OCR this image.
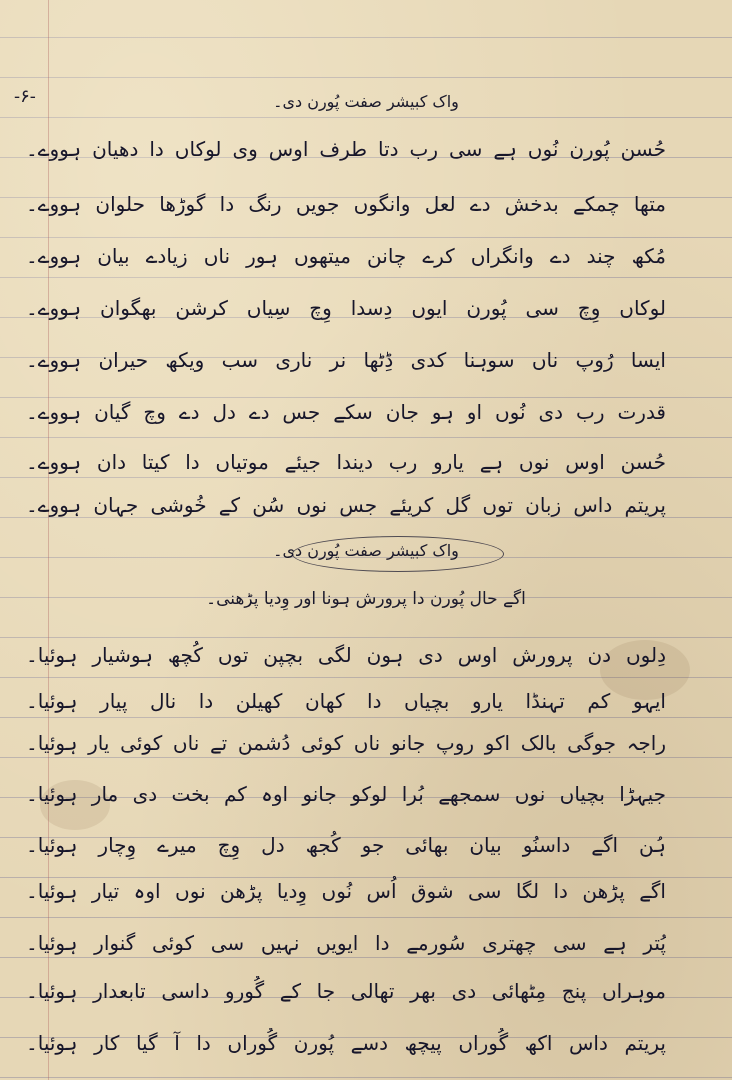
-۶-	واک کبیشر صفت پُورن دی۔
حُسن پُورن نُوں ہے سی رب دتا طرف اوس وی لوکاں دا دھیان ہووے۔
متھا چمکے بدخش دے لعل وانگوں جویں رنگ دا گوڑھا حلوان ہووے۔
مُکھ چند دے وانگراں کرے چانن میتھوں ہور ناں زیادے بیان ہووے۔
لوکاں وِچ سی پُورن ایوں دِسدا وِچ سِیاں کرشن بھگوان ہووے۔
ایسا رُوپ ناں سوہنا کدی ڈِٹھا نر ناری سب ویکھ حیران ہووے۔
قدرت رب دی نُوں او ہو جان سکے جس دے دل دے وچ گیان ہووے۔
حُسن اوس نوں ہے یارو رب دیندا جیئے موتیاں دا کیتا دان ہووے۔
پریتم داس زبان توں گل کریئے جس نوں سُن کے خُوشی جہان ہووے۔
واک کبیشر صفت پُورن دی۔
اگے حال پُورن دا پرورش ہونا اور وِدیا پڑھنی۔
دِلوں دن پرورش اوس دی ہون لگی بچپن توں کُچھ ہوشیار ہوئیا۔
ایہو کم تہنڈا یارو بچیاں دا کھان کھیلن دا نال پیار ہوئیا۔
راجہ جوگی بالک اکو روپ جانو ناں کوئی دُشمن تے ناں کوئی یار ہوئیا۔
جیہڑا بچیاں نوں سمجھے بُرا لوکو جانو اوہ کم بخت دی مار ہوئیا۔
ہُن اگے داسنُو بیان بھائی جو کُجھ دل وِچ میرے وِچار ہوئیا۔
اگے پڑھن دا لگا سی شوق اُس نُوں وِدیا پڑھن نوں اوہ تیار ہوئیا۔
پُتر ہے سی چھتری سُورمے دا ایویں نہیں سی کوئی گنوار ہوئیا۔
موہراں پنج مِٹھائی دی بھر تھالی جا کے گُورو داسی تابعدار ہوئیا۔
پریتم داس اکھ گُوراں پیچھ دسے پُورن گُوراں دا آ گیا کار ہوئیا۔
